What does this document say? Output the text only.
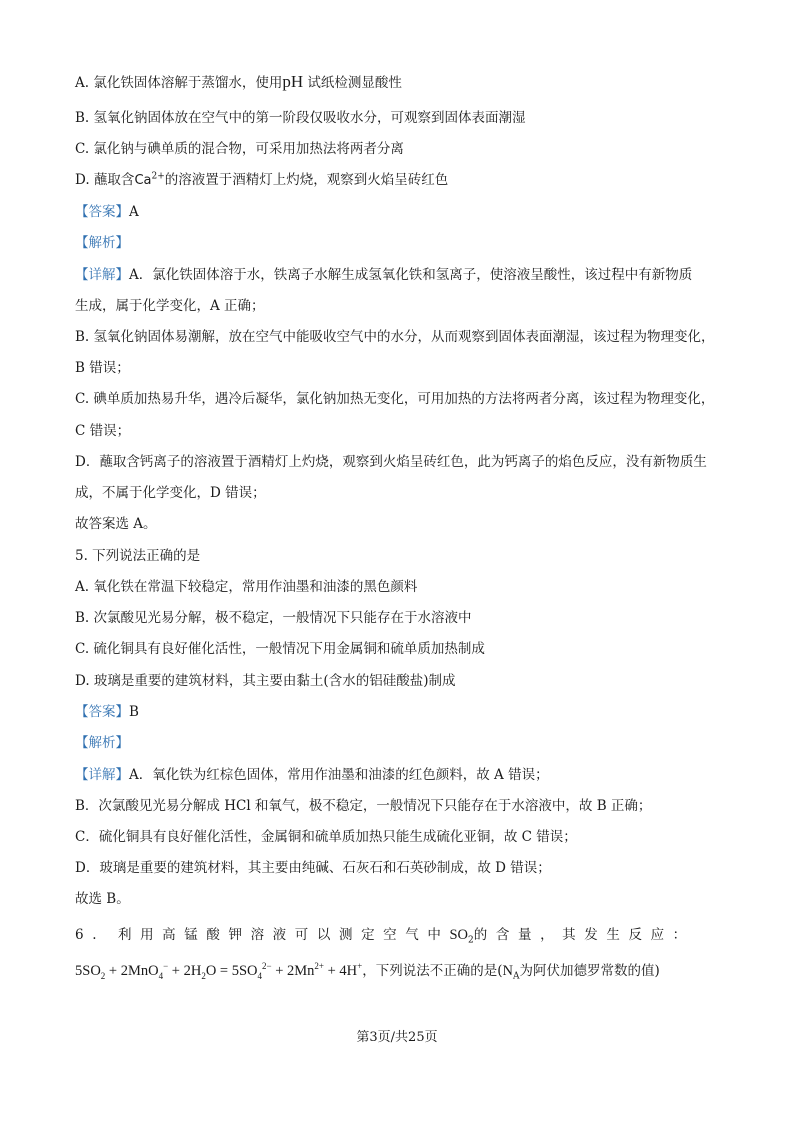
A. 氯化铁固体溶解于蒸馏水，使用pH 试纸检测显酸性
B. 氢氧化钠固体放在空气中的第一阶段仅吸收水分，可观察到固体表面潮湿
C. 氯化钠与碘单质的混合物，可采用加热法将两者分离
D. 蘸取含$Ca^{2+}$的溶液置于酒精灯上灼烧，观察到火焰呈砖红色
【答案】A
【解析】
【详解】A．氯化铁固体溶于水，铁离子水解生成氢氧化铁和氢离子，使溶液呈酸性，该过程中有新物质
生成，属于化学变化，A 正确；
B. 氢氧化钠固体易潮解，放在空气中能吸收空气中的水分，从而观察到固体表面潮湿，该过程为物理变化，
B 错误；
C. 碘单质加热易升华，遇冷后凝华，氯化钠加热无变化，可用加热的方法将两者分离，该过程为物理变化，
C 错误；
D．蘸取含钙离子的溶液置于酒精灯上灼烧，观察到火焰呈砖红色，此为钙离子的焰色反应，没有新物质生
成，不属于化学变化，D 错误；
故答案选 A。
5. 下列说法正确的是
A. 氧化铁在常温下较稳定，常用作油墨和油漆的黑色颜料
B. 次氯酸见光易分解，极不稳定，一般情况下只能存在于水溶液中
C. 硫化铜具有良好催化活性，一般情况下用金属铜和硫单质加热制成
D. 玻璃是重要的建筑材料，其主要由黏土(含水的铝硅酸盐)制成
【答案】B
【解析】
【详解】A．氧化铁为红棕色固体，常用作油墨和油漆的红色颜料，故 A 错误；
B．次氯酸见光易分解成 HCl 和氧气，极不稳定，一般情况下只能存在于水溶液中，故 B 正确；
C．硫化铜具有良好催化活性，金属铜和硫单质加热只能生成硫化亚铜，故 C 错误；
D．玻璃是重要的建筑材料，其主要由纯碱、石灰石和石英砂制成，故 D 错误；
故选 B。
6. 利用高锰酸钾溶液可以测定空气中$SO_2$的含量，其发生反应：
$5SO_2 + 2MnO_4^- + 2H_2O = 5SO_4^{2-} + 2Mn^{2+} + 4H^+$，下列说法不正确的是($N_A$为阿伏加德罗常数的值)
第3页/共25页
